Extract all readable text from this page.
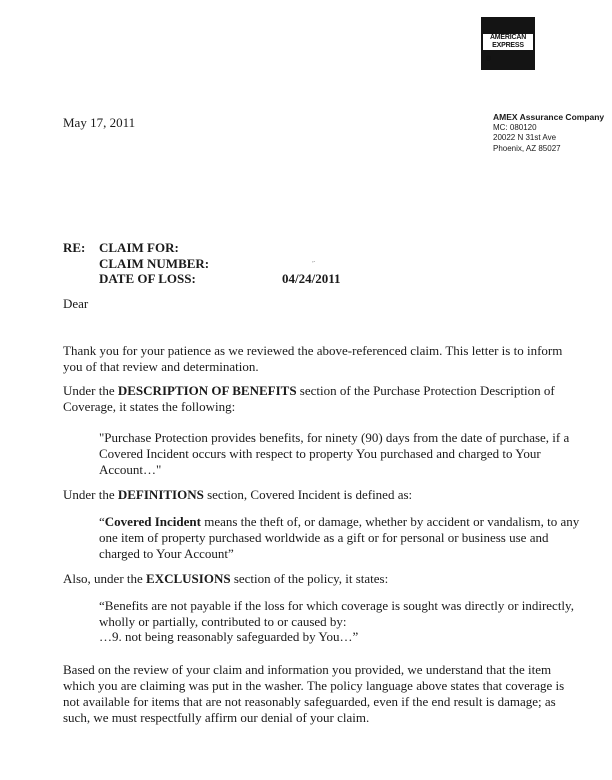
AMERICAN
EXPRESS
®
May 17, 2011	AMEX Assurance Company
MC: 080120
20022 N 31st Ave
Phoenix, AZ 85027
RE: CLAIM FOR:
CLAIM NUMBER:
DATE OF LOSS:
,.
04/24/2011
Dear

Thank you for your patience as we reviewed the above-referenced claim. This letter is to inform you of that review and determination.

Under the DESCRIPTION OF BENEFITS section of the Purchase Protection Description of Coverage, it states the following:

"Purchase Protection provides benefits, for ninety (90) days from the date of purchase, if a Covered Incident occurs with respect to property You purchased and charged to Your Account…"

Under the DEFINITIONS section, Covered Incident is defined as:

“Covered Incident means the theft of, or damage, whether by accident or vandalism, to any one item of property purchased worldwide as a gift or for personal or business use and charged to Your Account”

Also, under the EXCLUSIONS section of the policy, it states:

“Benefits are not payable if the loss for which coverage is sought was directly or indirectly, wholly or partially, contributed to or caused by:

…9. not being reasonably safeguarded by You…”

Based on the review of your claim and information you provided, we understand that the item which you are claiming was put in the washer. The policy language above states that coverage is not available for items that are not reasonably safeguarded, even if the end result is damage; as such, we must respectfully affirm our denial of your claim.
